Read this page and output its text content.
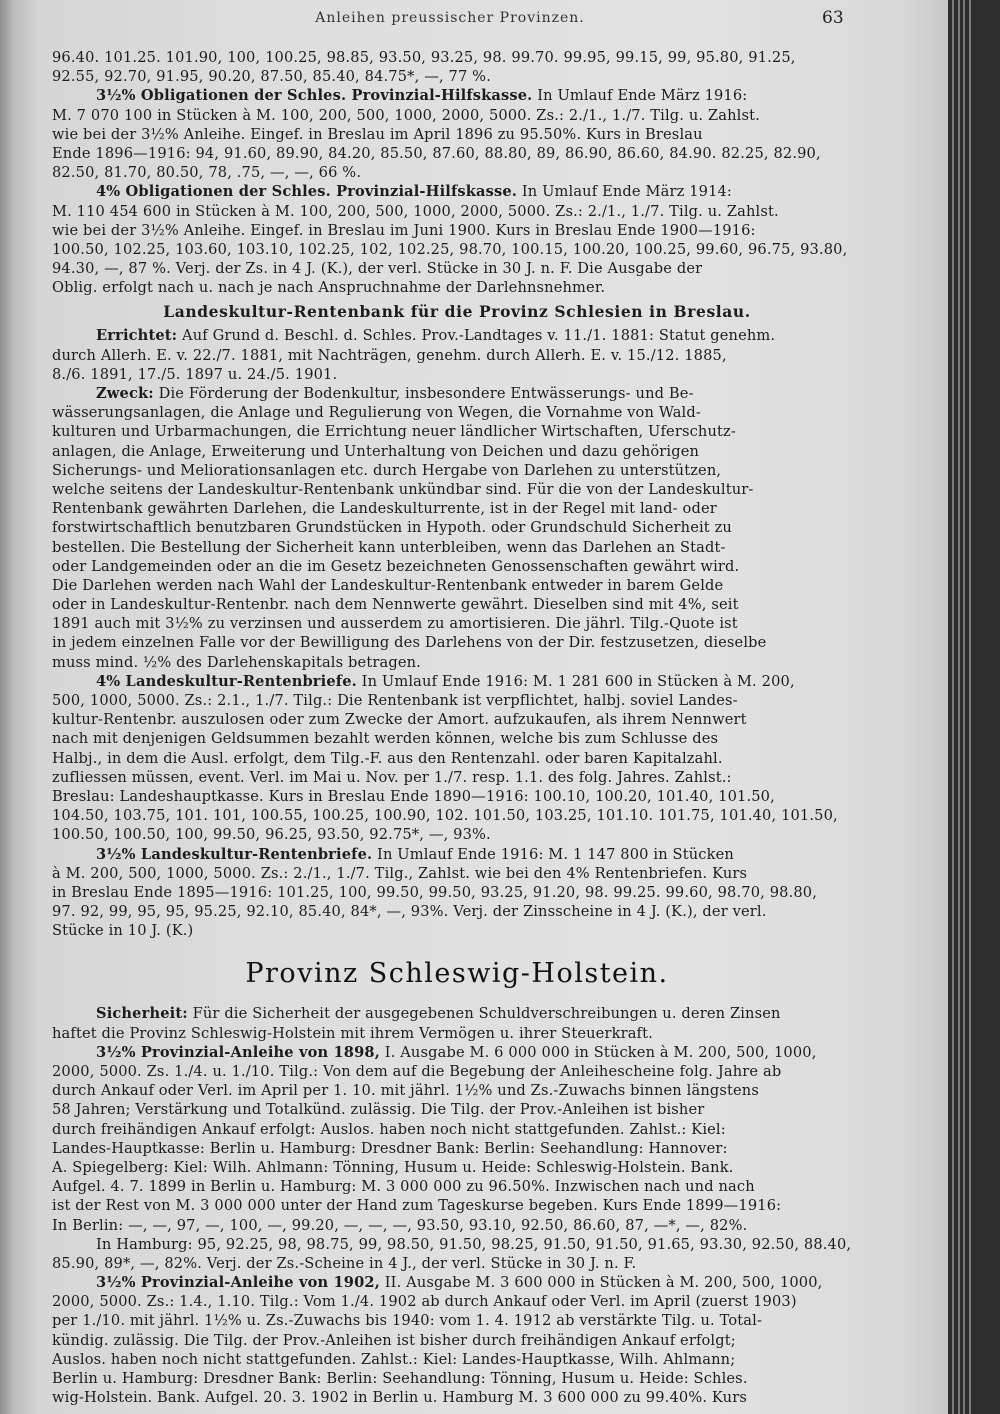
Anleihen preussischer Provinzen.	63
96.40. 101.25. 101.90, 100, 100.25, 98.85, 93.50, 93.25, 98. 99.70. 99.95, 99.15, 99, 95.80, 91.25,
92.55, 92.70, 91.95, 90.20, 87.50, 85.40, 84.75*, —, 77 %.
3½% Obligationen der Schles. Provinzial-Hilfskasse. In Umlauf Ende März 1916:
M. 7 070 100 in Stücken à M. 100, 200, 500, 1000, 2000, 5000. Zs.: 2./1., 1./7. Tilg. u. Zahlst.
wie bei der 3½% Anleihe. Eingef. in Breslau im April 1896 zu 95.50%. Kurs in Breslau
Ende 1896—1916: 94, 91.60, 89.90, 84.20, 85.50, 87.60, 88.80, 89, 86.90, 86.60, 84.90. 82.25, 82.90,
82.50, 81.70, 80.50, 78, .75, —, —, 66 %.
4% Obligationen der Schles. Provinzial-Hilfskasse. In Umlauf Ende März 1914:
M. 110 454 600 in Stücken à M. 100, 200, 500, 1000, 2000, 5000. Zs.: 2./1., 1./7. Tilg. u. Zahlst.
wie bei der 3½% Anleihe. Eingef. in Breslau im Juni 1900. Kurs in Breslau Ende 1900—1916:
100.50, 102.25, 103.60, 103.10, 102.25, 102, 102.25, 98.70, 100.15, 100.20, 100.25, 99.60, 96.75, 93.80,
94.30, —, 87 %. Verj. der Zs. in 4 J. (K.), der verl. Stücke in 30 J. n. F. Die Ausgabe der
Oblig. erfolgt nach u. nach je nach Anspruchnahme der Darlehnsnehmer.
Landeskultur-Rentenbank für die Provinz Schlesien in Breslau.
Errichtet: Auf Grund d. Beschl. d. Schles. Prov.-Landtages v. 11./1. 1881: Statut genehm.
durch Allerh. E. v. 22./7. 1881, mit Nachträgen, genehm. durch Allerh. E. v. 15./12. 1885,
8./6. 1891, 17./5. 1897 u. 24./5. 1901.
Zweck: Die Förderung der Bodenkultur, insbesondere Entwässerungs- und Be-
wässerungsanlagen, die Anlage und Regulierung von Wegen, die Vornahme von Wald-
kulturen und Urbarmachungen, die Errichtung neuer ländlicher Wirtschaften, Uferschutz-
anlagen, die Anlage, Erweiterung und Unterhaltung von Deichen und dazu gehörigen
Sicherungs- und Meliorationsanlagen etc. durch Hergabe von Darlehen zu unterstützen,
welche seitens der Landeskultur-Rentenbank unkündbar sind. Für die von der Landeskultur-
Rentenbank gewährten Darlehen, die Landeskulturrente, ist in der Regel mit land- oder
forstwirtschaftlich benutzbaren Grundstücken in Hypoth. oder Grundschuld Sicherheit zu
bestellen. Die Bestellung der Sicherheit kann unterbleiben, wenn das Darlehen an Stadt-
oder Landgemeinden oder an die im Gesetz bezeichneten Genossenschaften gewährt wird.
Die Darlehen werden nach Wahl der Landeskultur-Rentenbank entweder in barem Gelde
oder in Landeskultur-Rentenbr. nach dem Nennwerte gewährt. Dieselben sind mit 4%, seit
1891 auch mit 3½% zu verzinsen und ausserdem zu amortisieren. Die jährl. Tilg.-Quote ist
in jedem einzelnen Falle vor der Bewilligung des Darlehens von der Dir. festzusetzen, dieselbe
muss mind. ½% des Darlehenskapitals betragen.
4% Landeskultur-Rentenbriefe. In Umlauf Ende 1916: M. 1 281 600 in Stücken à M. 200,
500, 1000, 5000. Zs.: 2.1., 1./7. Tilg.: Die Rentenbank ist verpflichtet, halbj. soviel Landes-
kultur-Rentenbr. auszulosen oder zum Zwecke der Amort. aufzukaufen, als ihrem Nennwert
nach mit denjenigen Geldsummen bezahlt werden können, welche bis zum Schlusse des
Halbj., in dem die Ausl. erfolgt, dem Tilg.-F. aus den Rentenzahl. oder baren Kapitalzahl.
zufliessen müssen, event. Verl. im Mai u. Nov. per 1./7. resp. 1.1. des folg. Jahres. Zahlst.:
Breslau: Landeshauptkasse. Kurs in Breslau Ende 1890—1916: 100.10, 100.20, 101.40, 101.50,
104.50, 103.75, 101. 101, 100.55, 100.25, 100.90, 102. 101.50, 103.25, 101.10. 101.75, 101.40, 101.50,
100.50, 100.50, 100, 99.50, 96.25, 93.50, 92.75*, —, 93%.
3½% Landeskultur-Rentenbriefe. In Umlauf Ende 1916: M. 1 147 800 in Stücken
à M. 200, 500, 1000, 5000. Zs.: 2./1., 1./7. Tilg., Zahlst. wie bei den 4% Rentenbriefen. Kurs
in Breslau Ende 1895—1916: 101.25, 100, 99.50, 99.50, 93.25, 91.20, 98. 99.25. 99.60, 98.70, 98.80,
97. 92, 99, 95, 95, 95.25, 92.10, 85.40, 84*, —, 93%. Verj. der Zinsscheine in 4 J. (K.), der verl.
Stücke in 10 J. (K.)
Provinz Schleswig-Holstein.
Sicherheit: Für die Sicherheit der ausgegebenen Schuldverschreibungen u. deren Zinsen
haftet die Provinz Schleswig-Holstein mit ihrem Vermögen u. ihrer Steuerkraft.
3½% Provinzial-Anleihe von 1898, I. Ausgabe M. 6 000 000 in Stücken à M. 200, 500, 1000,
2000, 5000. Zs. 1./4. u. 1./10. Tilg.: Von dem auf die Begebung der Anleihescheine folg. Jahre ab
durch Ankauf oder Verl. im April per 1. 10. mit jährl. 1½% und Zs.-Zuwachs binnen längstens
58 Jahren; Verstärkung und Totalkünd. zulässig. Die Tilg. der Prov.-Anleihen ist bisher
durch freihändigen Ankauf erfolgt: Auslos. haben noch nicht stattgefunden. Zahlst.: Kiel:
Landes-Hauptkasse: Berlin u. Hamburg: Dresdner Bank: Berlin: Seehandlung: Hannover:
A. Spiegelberg: Kiel: Wilh. Ahlmann: Tönning, Husum u. Heide: Schleswig-Holstein. Bank.
Aufgel. 4. 7. 1899 in Berlin u. Hamburg: M. 3 000 000 zu 96.50%. Inzwischen nach und nach
ist der Rest von M. 3 000 000 unter der Hand zum Tageskurse begeben. Kurs Ende 1899—1916:
In Berlin: —, —, 97, —, 100, —, 99.20, —, —, —, 93.50, 93.10, 92.50, 86.60, 87, —*, —, 82%.
In Hamburg: 95, 92.25, 98, 98.75, 99, 98.50, 91.50, 98.25, 91.50, 91.50, 91.65, 93.30, 92.50, 88.40,
85.90, 89*, —, 82%. Verj. der Zs.-Scheine in 4 J., der verl. Stücke in 30 J. n. F.
3½% Provinzial-Anleihe von 1902, II. Ausgabe M. 3 600 000 in Stücken à M. 200, 500, 1000,
2000, 5000. Zs.: 1.4., 1.10. Tilg.: Vom 1./4. 1902 ab durch Ankauf oder Verl. im April (zuerst 1903)
per 1./10. mit jährl. 1½% u. Zs.-Zuwachs bis 1940: vom 1. 4. 1912 ab verstärkte Tilg. u. Total-
kündig. zulässig. Die Tilg. der Prov.-Anleihen ist bisher durch freihändigen Ankauf erfolgt;
Auslos. haben noch nicht stattgefunden. Zahlst.: Kiel: Landes-Hauptkasse, Wilh. Ahlmann;
Berlin u. Hamburg: Dresdner Bank: Berlin: Seehandlung: Tönning, Husum u. Heide: Schles.
wig-Holstein. Bank. Aufgel. 20. 3. 1902 in Berlin u. Hamburg M. 3 600 000 zu 99.40%. Kurs
